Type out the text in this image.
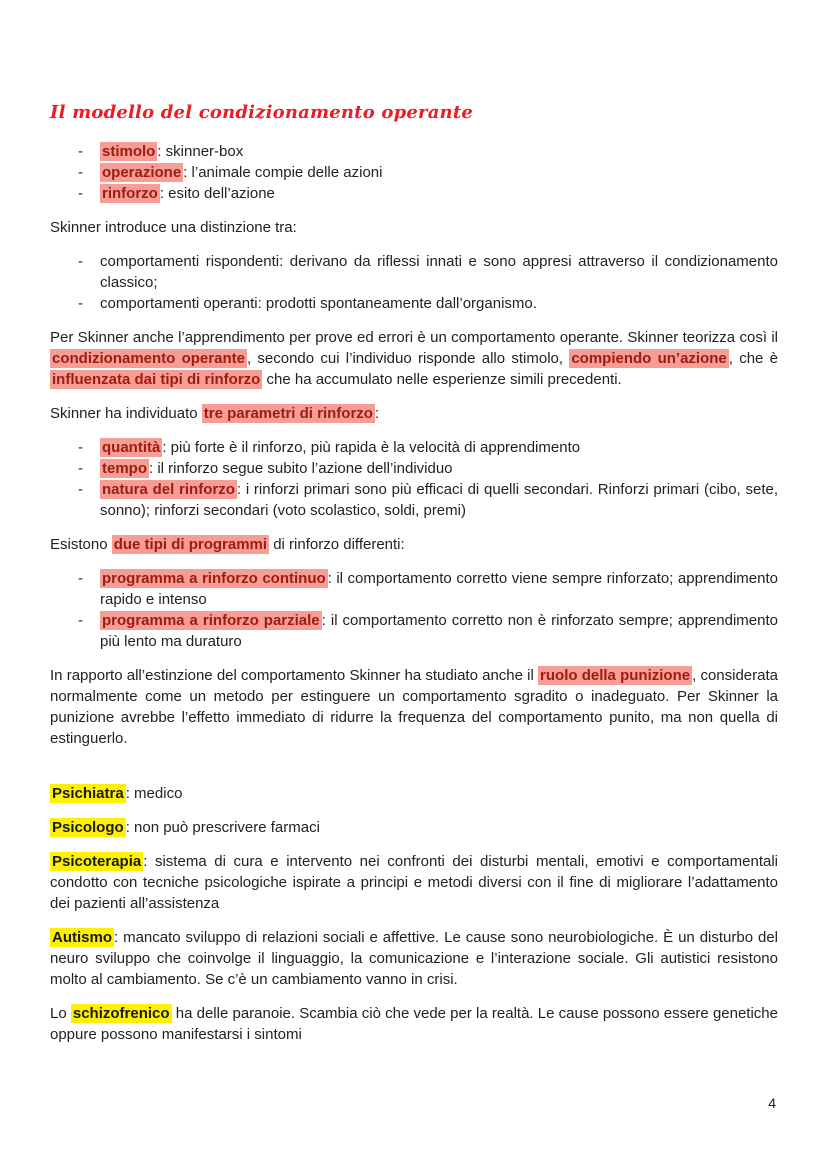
Il modello del condizionamento operante
-	stimolo : skinner-box
-	operazione : l’animale compie delle azioni
-	rinforzo : esito dell’azione

Skinner introduce una distinzione tra:

-	comportamenti rispondenti: derivano da riflessi innati e sono appresi attraverso il condizionamento classico;
-	comportamenti operanti: prodotti spontaneamente dall’organismo.

Per Skinner anche l’apprendimento per prove ed errori è un comportamento operante. Skinner teorizza così il condizionamento operante , secondo cui l’individuo risponde allo stimolo, compiendo un’azione , che è influenzata dai tipi di rinforzo che ha accumulato nelle esperienze simili precedenti.

Skinner ha individuato tre parametri di rinforzo :

-	quantità : più forte è il rinforzo, più rapida è la velocità di apprendimento
-	tempo : il rinforzo segue subito l’azione dell’individuo
-	natura del rinforzo : i rinforzi primari sono più efficaci di quelli secondari. Rinforzi primari (cibo, sete, sonno); rinforzi secondari (voto scolastico, soldi, premi)

Esistono due tipi di programmi di rinforzo differenti:

-	programma a rinforzo continuo : il comportamento corretto viene sempre rinforzato; apprendimento rapido e intenso
-	programma a rinforzo parziale : il comportamento corretto non è rinforzato sempre; apprendimento più lento ma duraturo

In rapporto all’estinzione del comportamento Skinner ha studiato anche il ruolo della punizione , considerata normalmente come un metodo per estinguere un comportamento sgradito o inadeguato. Per Skinner la punizione avrebbe l’effetto immediato di ridurre la frequenza del comportamento punito, ma non quella di estinguerlo.

Psichiatra : medico

Psicologo : non può prescrivere farmaci

Psicoterapia : sistema di cura e intervento nei confronti dei disturbi mentali, emotivi e comportamentali condotto con tecniche psicologiche ispirate a principi e metodi diversi con il fine di migliorare l’adattamento dei pazienti all’assistenza

Autismo : mancato sviluppo di relazioni sociali e affettive. Le cause sono neurobiologiche. È un disturbo del neuro sviluppo che coinvolge il linguaggio, la comunicazione e l’interazione sociale. Gli autistici resistono molto al cambiamento. Se c’è un cambiamento vanno in crisi.

Lo schizofrenico ha delle paranoie. Scambia ciò che vede per la realtà. Le cause possono essere genetiche oppure possono manifestarsi i sintomi

4
